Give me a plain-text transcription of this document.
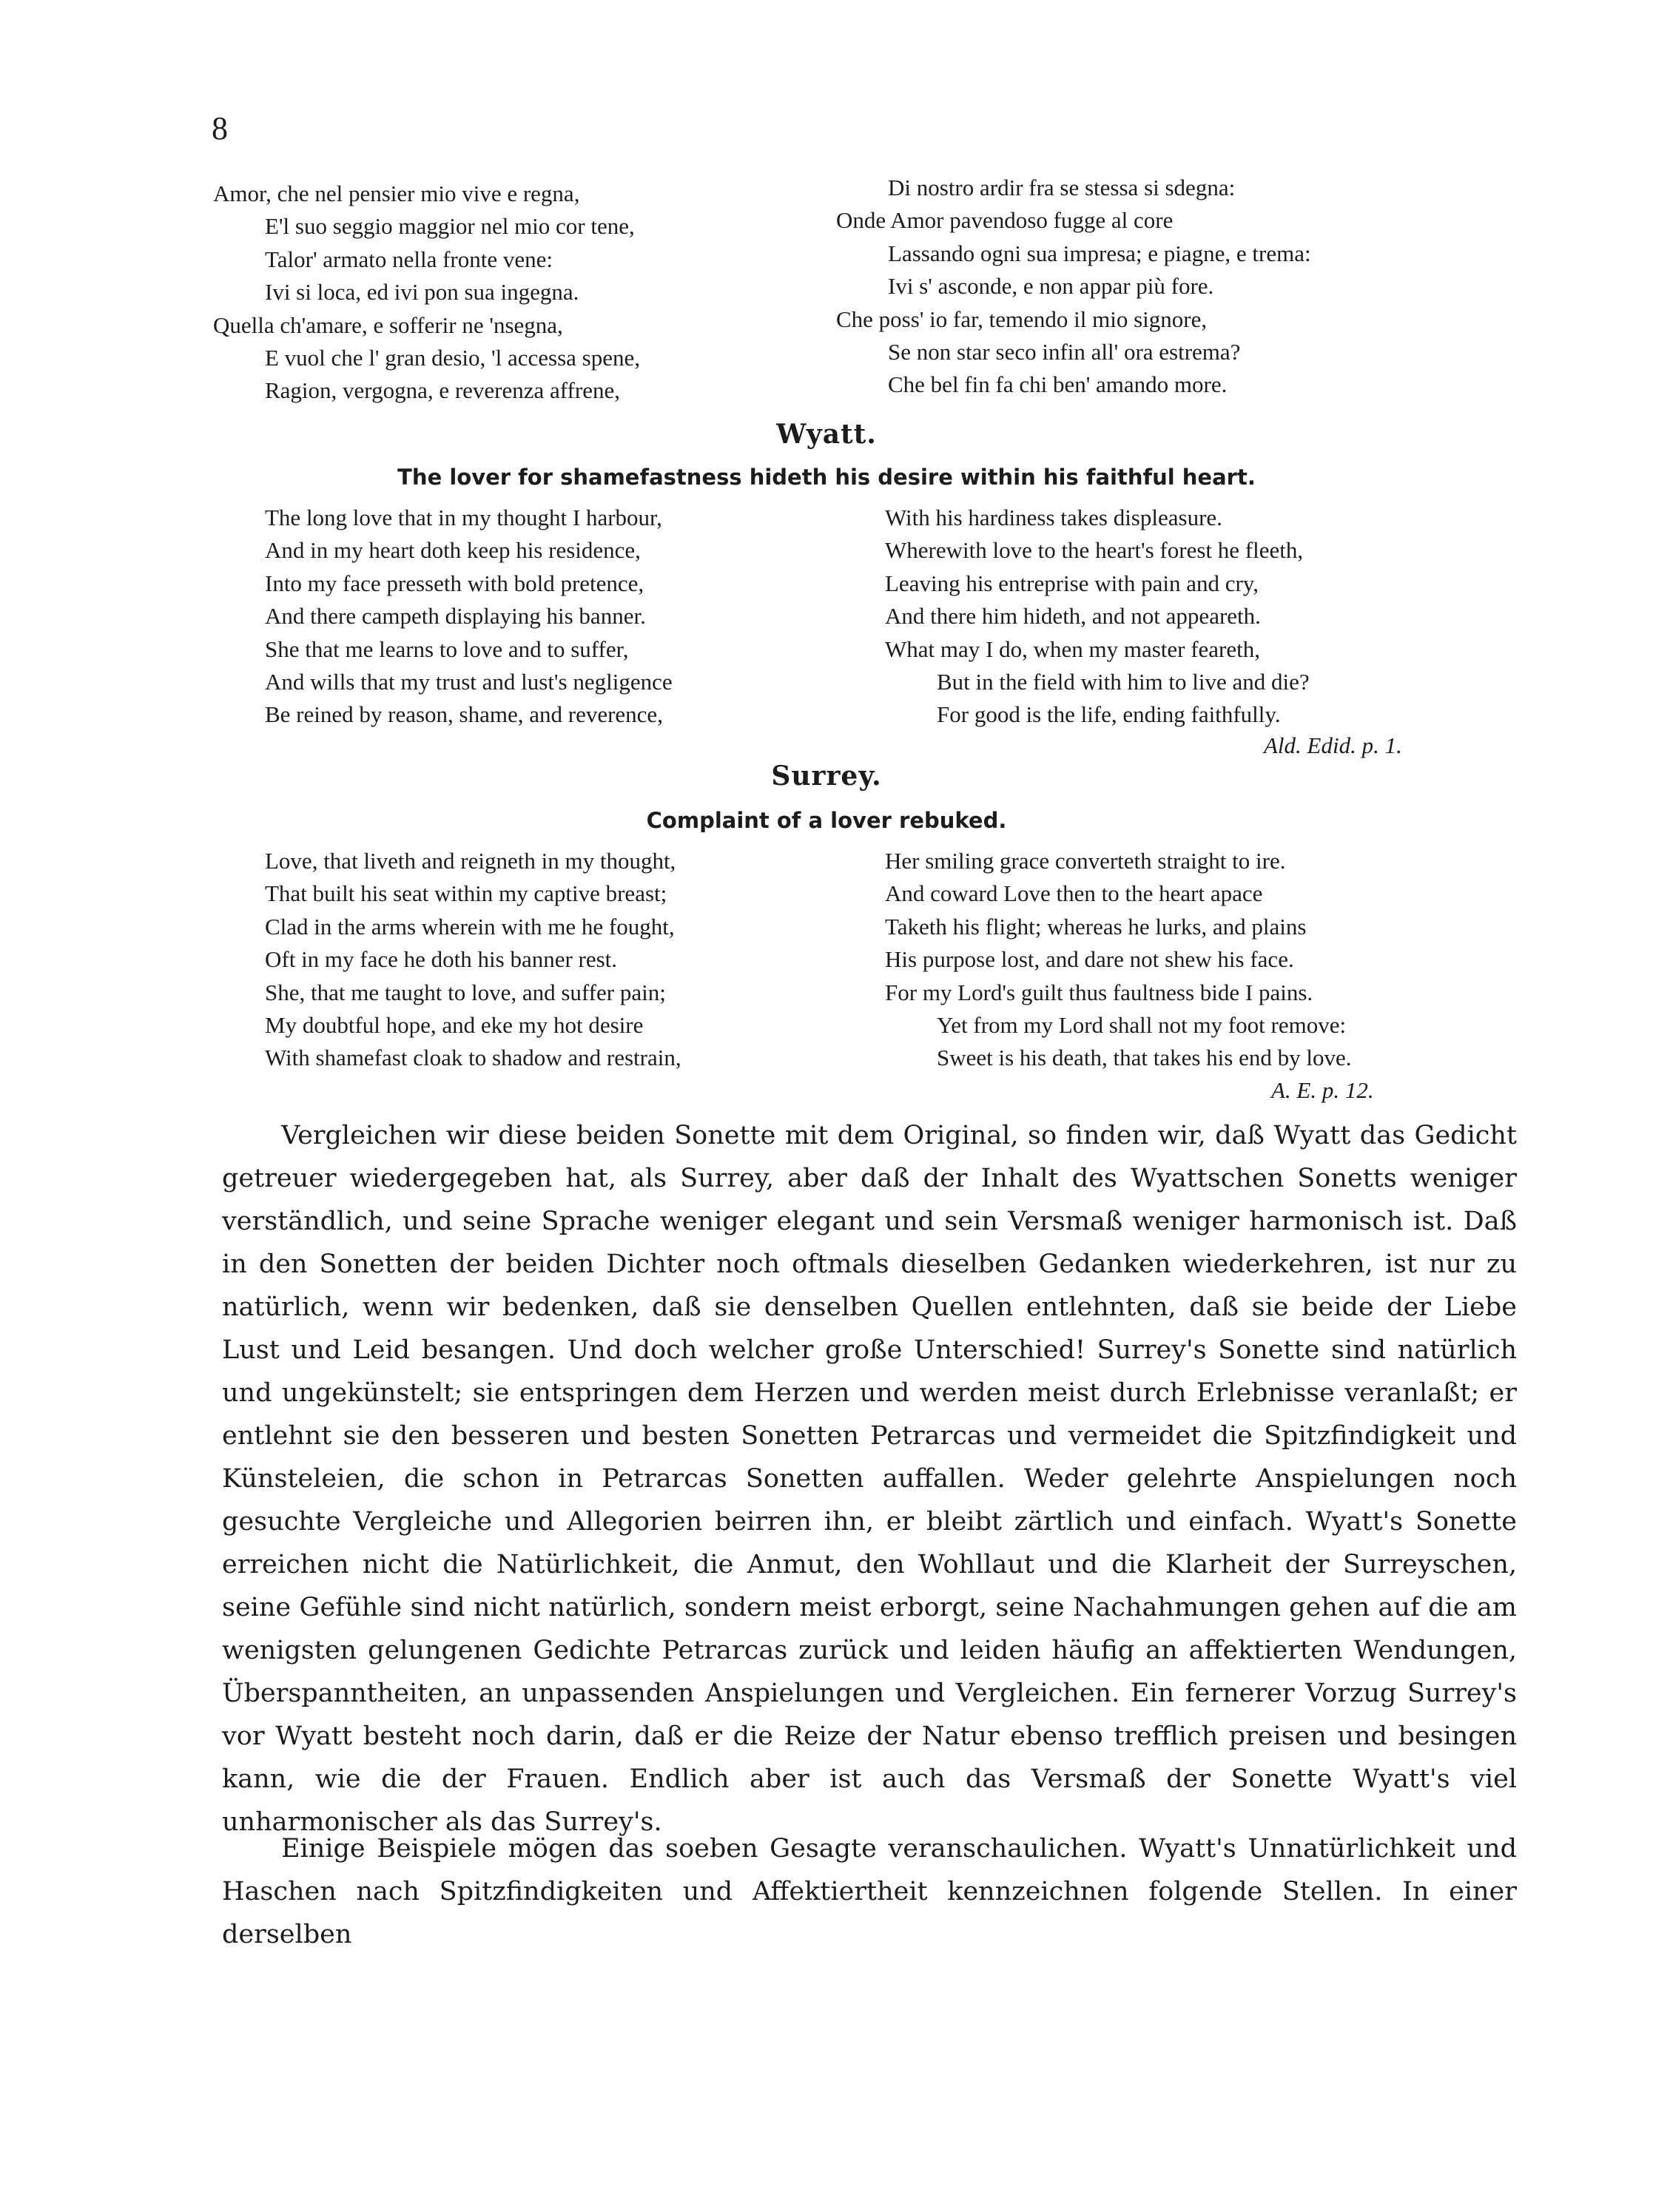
8
Amor, che nel pensier mio vive e regna,
E'l suo seggio maggior nel mio cor tene,
Talor' armato nella fronte vene:
Ivi si loca, ed ivi pon sua ingegna.
Quella ch'amare, e sofferir ne 'nsegna,
E vuol che l' gran desio, 'l accessa spene,
Ragion, vergogna, e reverenza affrene,
Di nostro ardir fra se stessa si sdegna:
Onde Amor pavendoso fugge al core
Lassando ogni sua impresa; e piagne, e trema:
Ivi s' asconde, e non appar più fore.
Che poss' io far, temendo il mio signore,
Se non star seco infin all' ora estrema?
Che bel fin fa chi ben' amando more.
Wyatt.
The lover for shamefastness hideth his desire within his faithful heart.
The long love that in my thought I harbour,
And in my heart doth keep his residence,
Into my face presseth with bold pretence,
And there campeth displaying his banner.
She that me learns to love and to suffer,
And wills that my trust and lust's negligence
Be reined by reason, shame, and reverence,
With his hardiness takes displeasure.
Wherewith love to the heart's forest he fleeth,
Leaving his entreprise with pain and cry,
And there him hideth, and not appeareth.
What may I do, when my master feareth,
But in the field with him to live and die?
For good is the life, ending faithfully.
Ald. Edid. p. 1.
Surrey.
Complaint of a lover rebuked.
Love, that liveth and reigneth in my thought,
That built his seat within my captive breast;
Clad in the arms wherein with me he fought,
Oft in my face he doth his banner rest.
She, that me taught to love, and suffer pain;
My doubtful hope, and eke my hot desire
With shamefast cloak to shadow and restrain,
Her smiling grace converteth straight to ire.
And coward Love then to the heart apace
Taketh his flight; whereas he lurks, and plains
His purpose lost, and dare not shew his face.
For my Lord's guilt thus faultness bide I pains.
Yet from my Lord shall not my foot remove:
Sweet is his death, that takes his end by love.
A. E. p. 12.

Vergleichen wir diese beiden Sonette mit dem Original, so finden wir, daß Wyatt das Gedicht getreuer wiedergegeben hat, als Surrey, aber daß der Inhalt des Wyattschen Sonetts weniger verständlich, und seine Sprache weniger elegant und sein Versmaß weniger harmonisch ist. Daß in den Sonetten der beiden Dichter noch oftmals dieselben Gedanken wiederkehren, ist nur zu natürlich, wenn wir bedenken, daß sie denselben Quellen entlehnten, daß sie beide der Liebe Lust und Leid besangen. Und doch welcher große Unterschied! Surrey's Sonette sind natürlich und ungekünstelt; sie entspringen dem Herzen und werden meist durch Erlebnisse veranlaßt; er entlehnt sie den besseren und besten Sonetten Petrarcas und vermeidet die Spitzfindigkeit und Künsteleien, die schon in Petrarcas Sonetten auffallen. Weder gelehrte Anspielungen noch gesuchte Vergleiche und Allegorien beirren ihn, er bleibt zärtlich und einfach. Wyatt's Sonette erreichen nicht die Natürlichkeit, die Anmut, den Wohllaut und die Klarheit der Surreyschen, seine Gefühle sind nicht natürlich, sondern meist erborgt, seine Nachahmungen gehen auf die am wenigsten gelungenen Gedichte Petrarcas zurück und leiden häufig an affektierten Wendungen, Überspanntheiten, an unpassenden Anspielungen und Vergleichen. Ein fernerer Vorzug Surrey's vor Wyatt besteht noch darin, daß er die Reize der Natur ebenso trefflich preisen und besingen kann, wie die der Frauen. Endlich aber ist auch das Versmaß der Sonette Wyatt's viel unharmonischer als das Surrey's.

Einige Beispiele mögen das soeben Gesagte veranschaulichen. Wyatt's Unnatürlichkeit und Haschen nach Spitzfindigkeiten und Affektiertheit kennzeichnen folgende Stellen. In einer derselben
